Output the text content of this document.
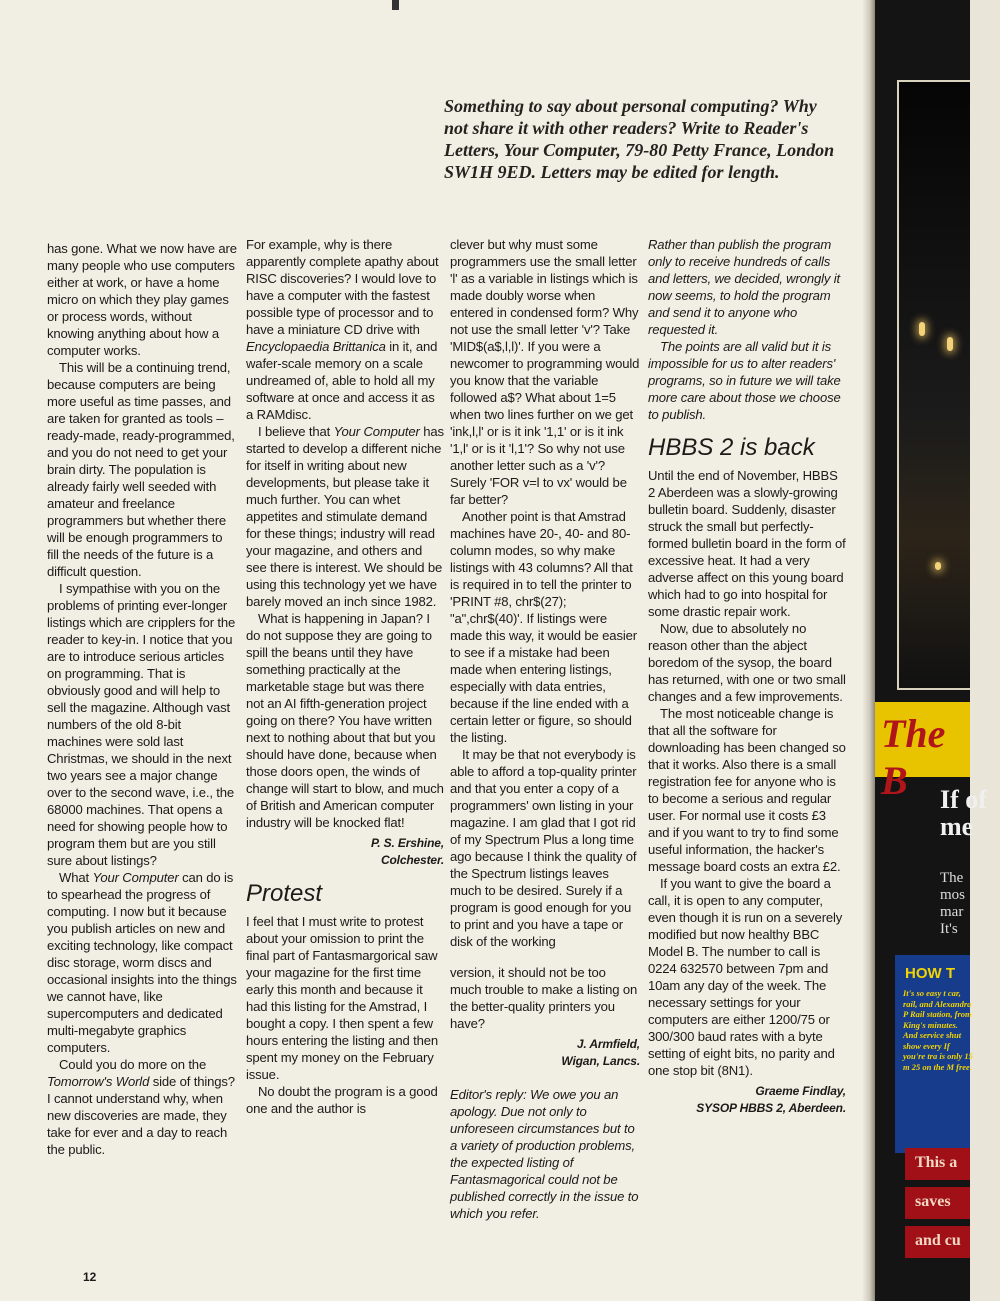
Something to say about personal computing? Why not share it with other readers? Write to Reader's Letters, Your Computer, 79-80 Petty France, London SW1H 9ED. Letters may be edited for length.

has gone. What we now have are many people who use computers either at work, or have a home micro on which they play games or process words, without knowing anything about how a computer works.

This will be a continuing trend, because computers are being more useful as time passes, and are taken for granted as tools – ready-made, ready-programmed, and you do not need to get your brain dirty. The population is already fairly well seeded with amateur and freelance programmers but whether there will be enough programmers to fill the needs of the future is a difficult question.

I sympathise with you on the problems of printing ever-longer listings which are cripplers for the reader to key-in. I notice that you are to introduce serious articles on programming. That is obviously good and will help to sell the magazine. Although vast numbers of the old 8-bit machines were sold last Christmas, we should in the next two years see a major change over to the second wave, i.e., the 68000 machines. That opens a need for showing people how to program them but are you still sure about listings?

What Your Computer can do is to spearhead the progress of computing. I now but it because you publish articles on new and exciting technology, like compact disc storage, worm discs and occasional insights into the things we cannot have, like supercomputers and dedicated multi-megabyte graphics computers.

Could you do more on the Tomorrow's World side of things? I cannot understand why, when new discoveries are made, they take for ever and a day to reach the public.

For example, why is there apparently complete apathy about RISC discoveries? I would love to have a computer with the fastest possible type of processor and to have a miniature CD drive with Encyclopaedia Brittanica in it, and wafer-scale memory on a scale undreamed of, able to hold all my software at once and access it as a RAMdisc.

I believe that Your Computer has started to develop a different niche for itself in writing about new developments, but please take it much further. You can whet appetites and stimulate demand for these things; industry will read your magazine, and others and see there is interest. We should be using this technology yet we have barely moved an inch since 1982.

What is happening in Japan? I do not suppose they are going to spill the beans until they have something practically at the marketable stage but was there not an AI fifth-generation project going on there? You have written next to nothing about that but you should have done, because when those doors open, the winds of change will start to blow, and much of British and American computer industry will be knocked flat!

P. S. Ershine,
Colchester.
Protest

I feel that I must write to protest about your omission to print the final part of Fantasmargorical saw your magazine for the first time early this month and because it had this listing for the Amstrad, I bought a copy. I then spent a few hours entering the listing and then spent my money on the February issue.

No doubt the program is a good one and the author is

clever but why must some programmers use the small letter 'l' as a variable in listings which is made doubly worse when entered in condensed form? Why not use the small letter 'v'? Take 'MID$(a$,l,l)'. If you were a newcomer to programming would you know that the variable followed a$? What about 1=5 when two lines further on we get 'ink,l,l' or is it ink '1,1' or is it ink '1,l' or is it 'l,1'? So why not use another letter such as a 'v'? Surely 'FOR v=l to vx' would be far better?

Another point is that Amstrad machines have 20-, 40- and 80-column modes, so why make listings with 43 columns? All that is required in to tell the printer to 'PRINT #8, chr$(27); "a",chr$(40)'. If listings were made this way, it would be easier to see if a mistake had been made when entering listings, especially with data entries, because if the line ended with a certain letter or figure, so should the listing.

It may be that not everybody is able to afford a top-quality printer and that you enter a copy of a programmers' own listing in your magazine. I am glad that I got rid of my Spectrum Plus a long time ago because I think the quality of the Spectrum listings leaves much to be desired. Surely if a program is good enough for you to print and you have a tape or disk of the working

version, it should not be too much trouble to make a listing on the better-quality printers you have?

J. Armfield,
Wigan, Lancs.

Editor's reply: We owe you an apology. Due not only to unforeseen circumstances but to a variety of production problems, the expected listing of Fantasmagorical could not be published correctly in the issue to which you refer.

Rather than publish the program only to receive hundreds of calls and letters, we decided, wrongly it now seems, to hold the program and send it to anyone who requested it.

The points are all valid but it is impossible for us to alter readers' programs, so in future we will take more care about those we choose to publish.

HBBS 2 is back

Until the end of November, HBBS 2 Aberdeen was a slowly-growing bulletin board. Suddenly, disaster struck the small but perfectly-formed bulletin board in the form of excessive heat. It had a very adverse affect on this young board which had to go into hospital for some drastic repair work.

Now, due to absolutely no reason other than the abject boredom of the sysop, the board has returned, with one or two small changes and a few improvements.

The most noticeable change is that all the software for downloading has been changed so that it works. Also there is a small registration fee for anyone who is to become a serious and regular user. For normal use it costs £3 and if you want to try to find some useful information, the hacker's message board costs an extra £2.

If you want to give the board a call, it is open to any computer, even though it is run on a severely modified but now healthy BBC Model B. The number to call is 0224 632570 between 7pm and 10am any day of the week. The necessary settings for your computers are either 1200/75 or 300/300 baud rates with a byte setting of eight bits, no parity and one stop bit (8N1).

Graeme Findlay,
SYSOP HBBS 2, Aberdeen.
12
The B
HOW T
It's so easy t car, rail, and Alexandra P Rail station, from King's minutes. And service shut show every If you're tra is only 15 m 25 on the M free.
If of me
The mos mar It's
This a
saves
and cu
